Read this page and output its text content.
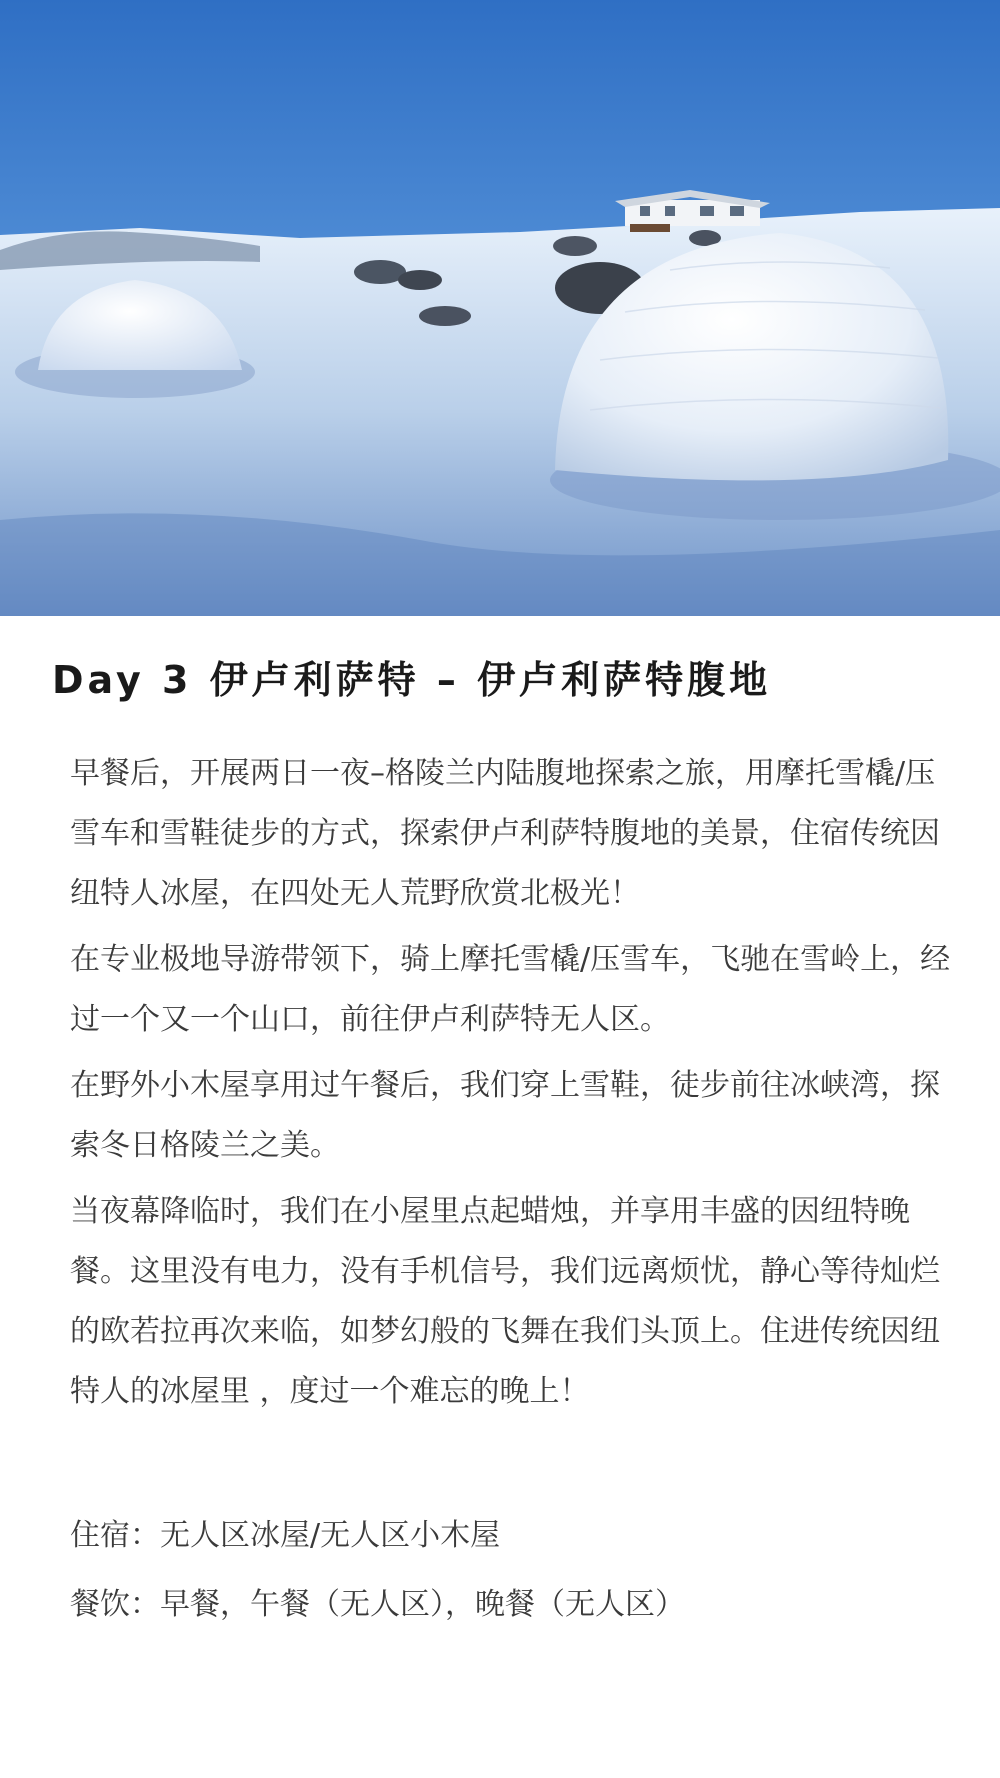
Day 3 伊卢利萨特 – 伊卢利萨特腹地

早餐后，开展两日一夜–格陵兰内陆腹地探索之旅，用摩托雪橇/压雪车和雪鞋徒步的方式，探索伊卢利萨特腹地的美景，住宿传统因纽特人冰屋，在四处无人荒野欣赏北极光！

在专业极地导游带领下，骑上摩托雪橇/压雪车，飞驰在雪岭上，经过一个又一个山口，前往伊卢利萨特无人区。

在野外小木屋享用过午餐后，我们穿上雪鞋，徒步前往冰峡湾，探索冬日格陵兰之美。

当夜幕降临时，我们在小屋里点起蜡烛，并享用丰盛的因纽特晚餐。这里没有电力，没有手机信号，我们远离烦忧，静心等待灿烂的欧若拉再次来临，如梦幻般的飞舞在我们头顶上。住进传统因纽特人的冰屋里 ，度过一个难忘的晚上！

住宿：无人区冰屋/无人区小木屋

餐饮：早餐，午餐（无人区），晚餐（无人区）
